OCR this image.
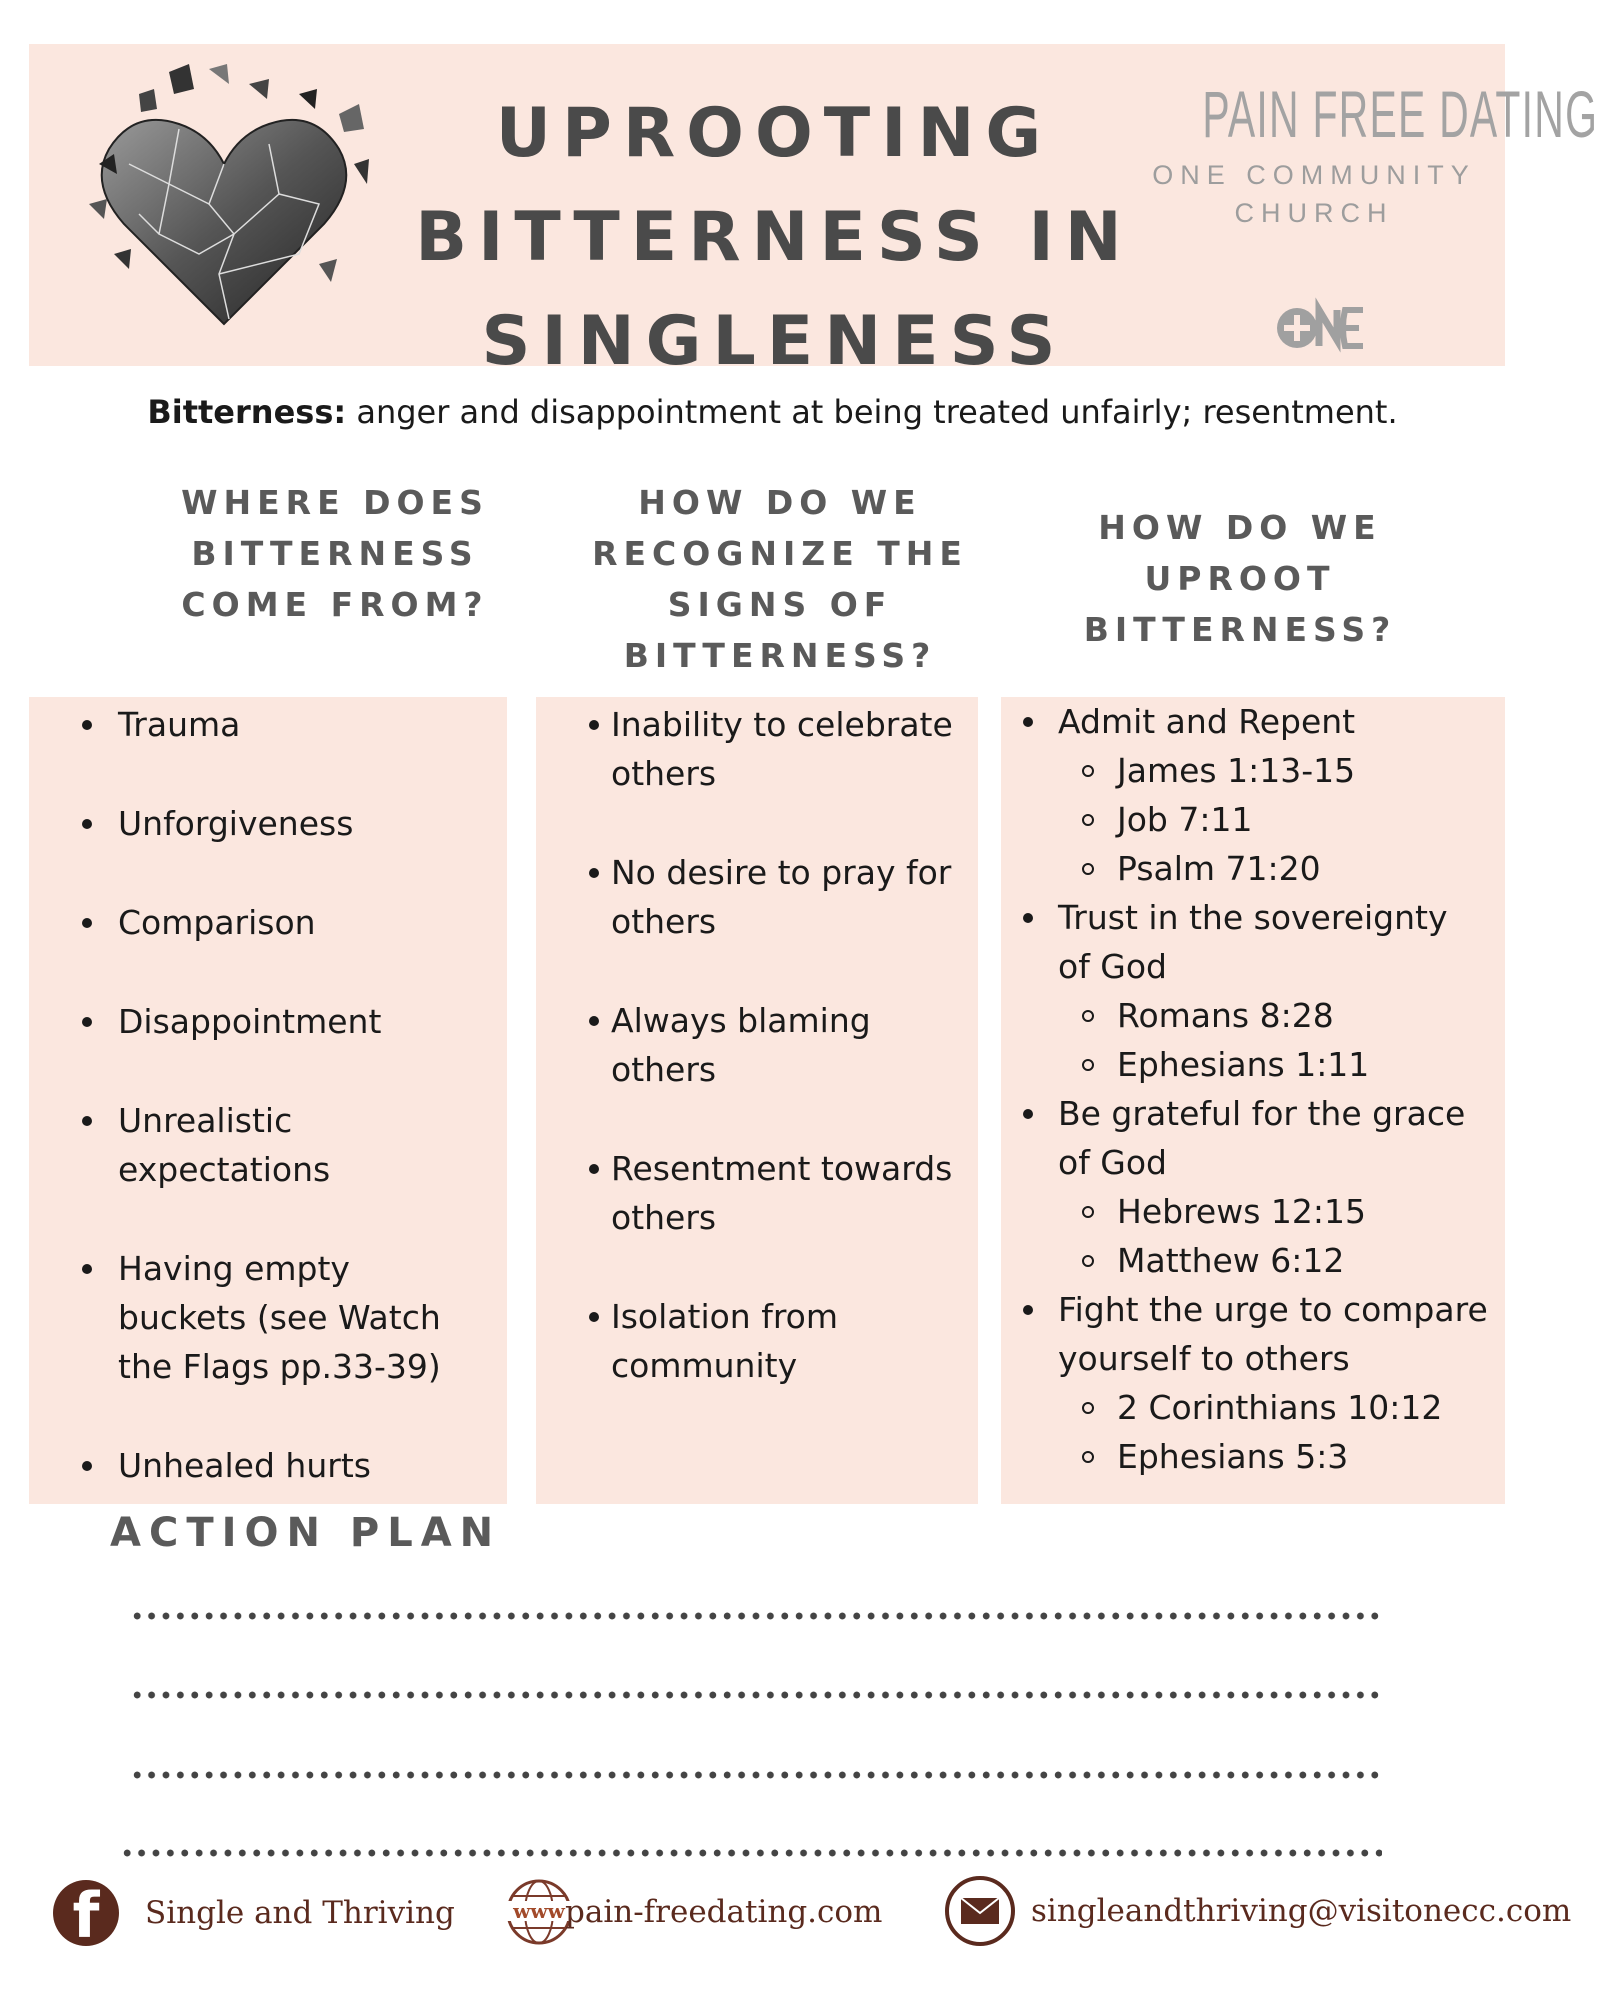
UPROOTING
BITTERNESS IN
SINGLENESS
PAIN FREE DATING
ONE COMMUNITY
CHURCH
Bitterness: anger and disappointment at being treated unfairly; resentment.
WHERE DOES
BITTERNESS
COME FROM?
HOW DO WE
RECOGNIZE THE
SIGNS OF
BITTERNESS?
HOW DO WE
UPROOT
BITTERNESS?
Trauma
Unforgiveness
Comparison
Disappointment
Unrealistic
expectations
Having empty
buckets (see Watch
the Flags pp.33-39)
Unhealed hurts
Inability to celebrate
others
No desire to pray for
others
Always blaming
others
Resentment towards
others
Isolation from
community
Admit and Repent
James 1:13-15
Job 7:11
Psalm 71:20
Trust in the sovereignty
of God
Romans 8:28
Ephesians 1:11
Be grateful for the grace
of God
Hebrews 12:15
Matthew 6:12
Fight the urge to compare
yourself to others
2 Corinthians 10:12
Ephesians 5:3
ACTION PLAN
f	Single and Thriving	www pain-freedating.com	singleandthriving@visitonecc.com
